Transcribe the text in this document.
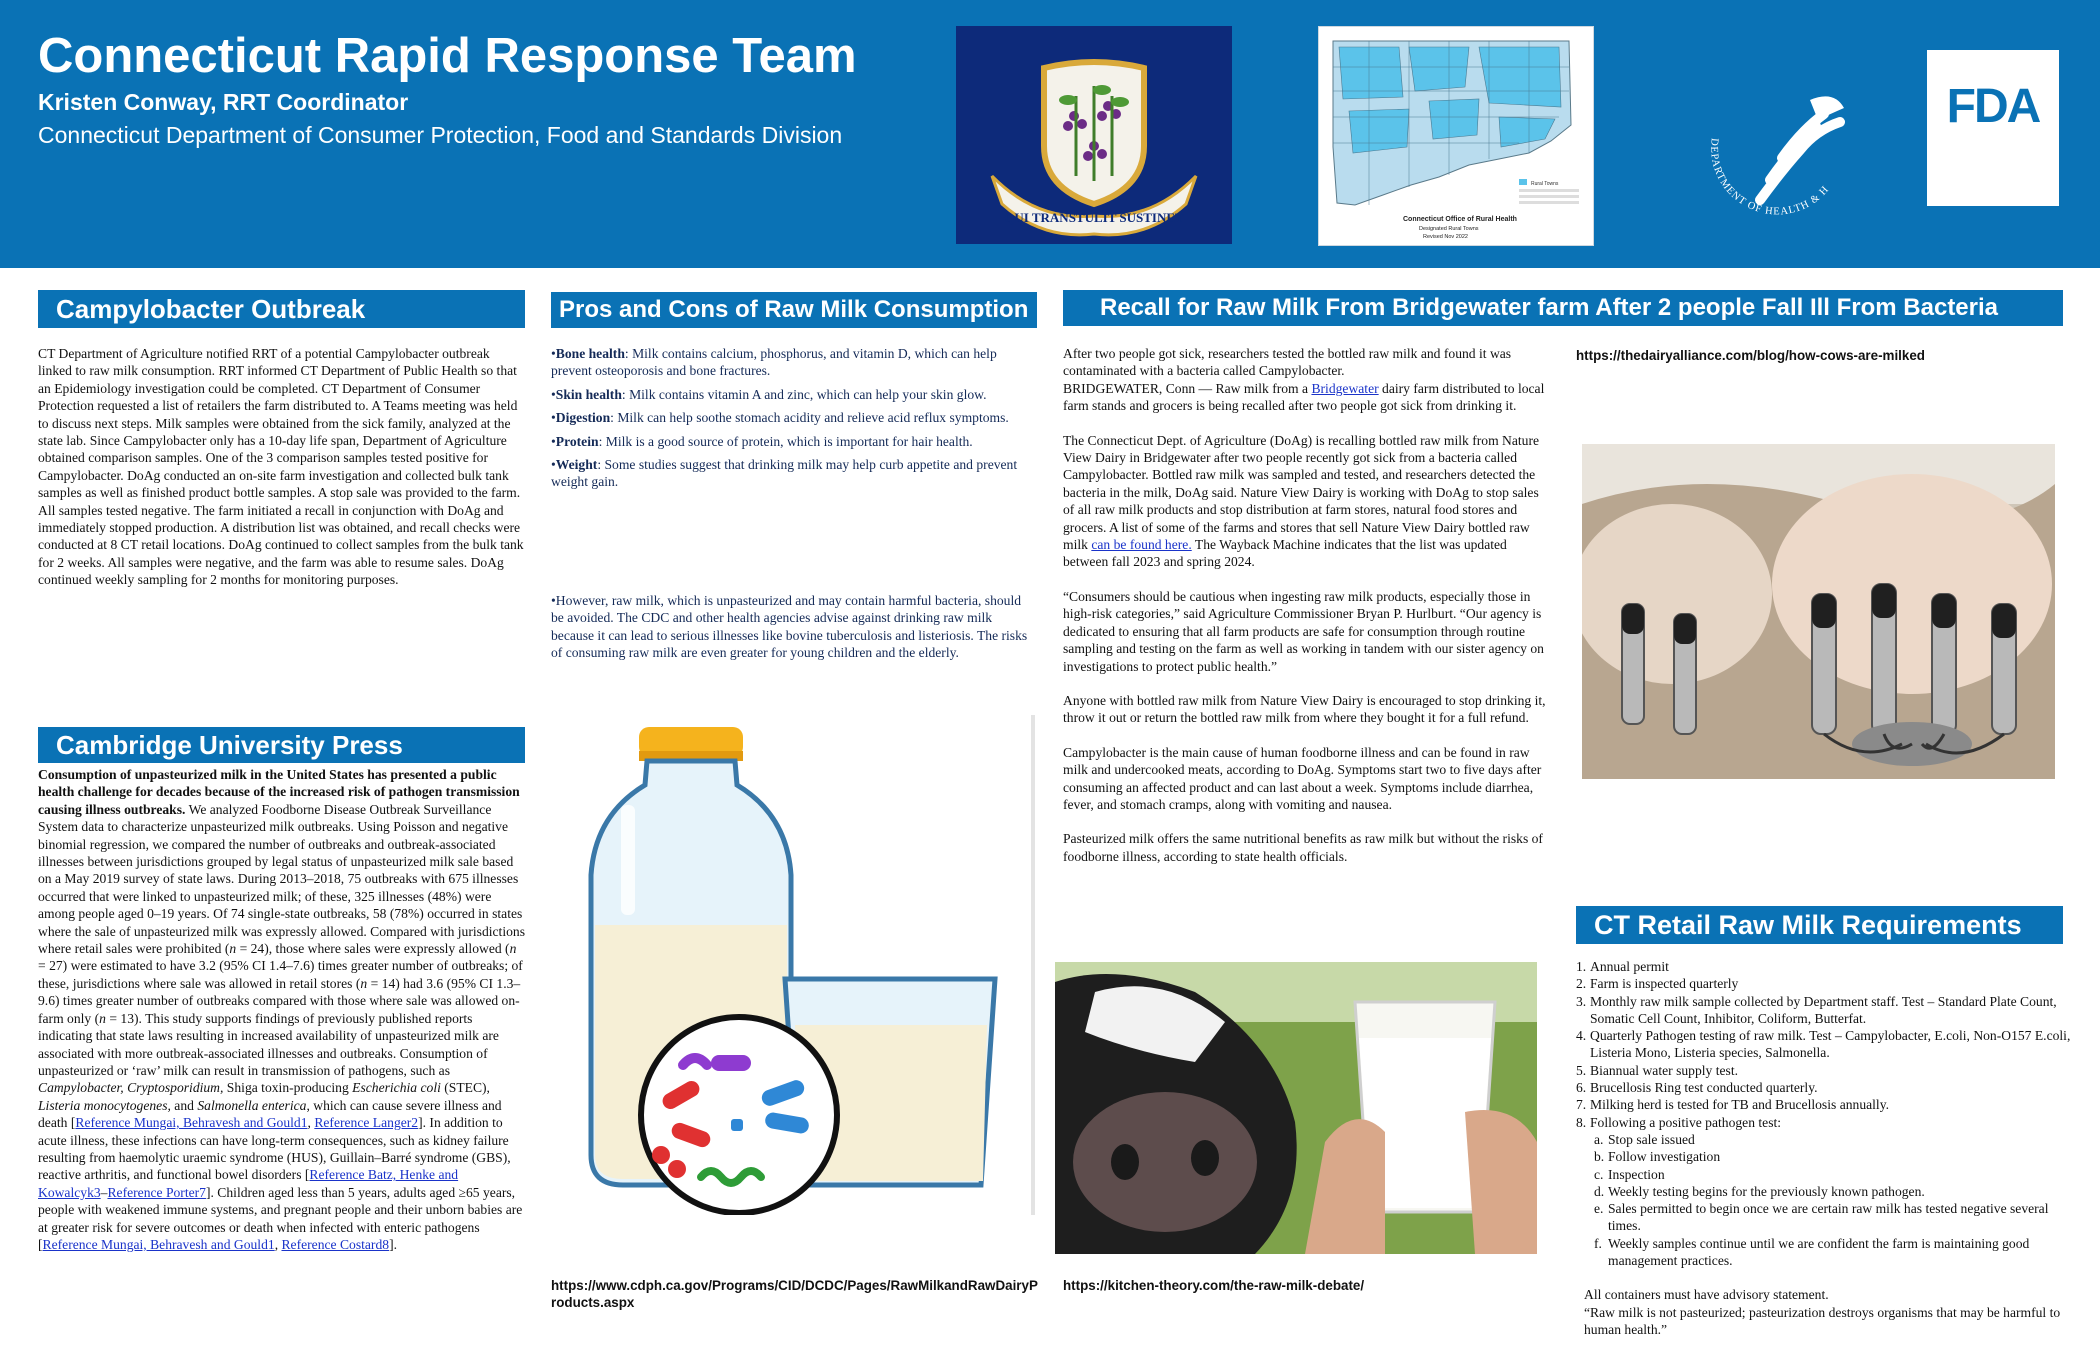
Connecticut Rapid Response Team
Kristen Conway, RRT Coordinator
Connecticut Department of Consumer Protection, Food and Standards Division
QUI TRANSTULIT SUSTINET
Rural Towns
Connecticut Office of Rural Health
Designated Rural Towns
Revised Nov 2022
DEPARTMENT OF HEALTH & H
FDA
Campylobacter Outbreak
CT Department of Agriculture notified RRT of a potential Campylobacter outbreak linked to raw milk consumption. RRT informed CT Department of Public Health so that an Epidemiology investigation could be completed. CT Department of Consumer Protection requested a list of retailers the farm distributed to. A Teams meeting was held to discuss next steps. Milk samples were obtained from the sick family, analyzed at the state lab. Since Campylobacter only has a 10-day life span, Department of Agriculture obtained comparison samples. One of the 3 comparison samples tested positive for Campylobacter. DoAg conducted an on-site farm investigation and collected bulk tank samples as well as finished product bottle samples. A stop sale was provided to the farm. All samples tested negative. The farm initiated a recall in conjunction with DoAg and immediately stopped production. A distribution list was obtained, and recall checks were conducted at 8 CT retail locations. DoAg continued to collect samples from the bulk tank for 2 weeks. All samples were negative, and the farm was able to resume sales. DoAg continued weekly sampling for 2 months for monitoring purposes.
Cambridge University Press
Consumption of unpasteurized milk in the United States has presented a public health challenge for decades because of the increased risk of pathogen transmission causing illness outbreaks. We analyzed Foodborne Disease Outbreak Surveillance System data to characterize unpasteurized milk outbreaks. Using Poisson and negative binomial regression, we compared the number of outbreaks and outbreak-associated illnesses between jurisdictions grouped by legal status of unpasteurized milk sale based on a May 2019 survey of state laws. During 2013–2018, 75 outbreaks with 675 illnesses occurred that were linked to unpasteurized milk; of these, 325 illnesses (48%) were among people aged 0–19 years. Of 74 single-state outbreaks, 58 (78%) occurred in states where the sale of unpasteurized milk was expressly allowed. Compared with jurisdictions where retail sales were prohibited (n = 24), those where sales were expressly allowed (n = 27) were estimated to have 3.2 (95% CI 1.4–7.6) times greater number of outbreaks; of these, jurisdictions where sale was allowed in retail stores (n = 14) had 3.6 (95% CI 1.3–9.6) times greater number of outbreaks compared with those where sale was allowed on-farm only (n = 13). This study supports findings of previously published reports indicating that state laws resulting in increased availability of unpasteurized milk are associated with more outbreak-associated illnesses and outbreaks. Consumption of unpasteurized or ‘raw’ milk can result in transmission of pathogens, such as Campylobacter, Cryptosporidium, Shiga toxin-producing Escherichia coli (STEC), Listeria monocytogenes, and Salmonella enterica, which can cause severe illness and death [Reference Mungai, Behravesh and Gould1, Reference Langer2]. In addition to acute illness, these infections can have long-term consequences, such as kidney failure resulting from haemolytic uraemic syndrome (HUS), Guillain–Barré syndrome (GBS), reactive arthritis, and functional bowel disorders [Reference Batz, Henke and Kowalcyk3–Reference Porter7]. Children aged less than 5 years, adults aged ≥65 years, people with weakened immune systems, and pregnant people and their unborn babies are at greater risk for severe outcomes or death when infected with enteric pathogens [Reference Mungai, Behravesh and Gould1, Reference Costard8].
Pros and Cons of Raw Milk Consumption

•Bone health: Milk contains calcium, phosphorus, and vitamin D, which can help prevent osteoporosis and bone fractures.

•Skin health: Milk contains vitamin A and zinc, which can help your skin glow.

•Digestion: Milk can help soothe stomach acidity and relieve acid reflux symptoms.

•Protein: Milk is a good source of protein, which is important for hair health.

•Weight: Some studies suggest that drinking milk may help curb appetite and prevent weight gain.

•However, raw milk, which is unpasteurized and may contain harmful bacteria, should be avoided. The CDC and other health agencies advise against drinking raw milk because it can lead to serious illnesses like bovine tuberculosis and listeriosis. The risks of consuming raw milk are even greater for young children and the elderly.
https://www.cdph.ca.gov/Programs/CID/DCDC/Pages/RawMilkandRawDairyProducts.aspx
Recall for Raw Milk From Bridgewater farm After 2 people Fall Ill From Bacteria

After two people got sick, researchers tested the bottled raw milk and found it was contaminated with a bacteria called Campylobacter.
BRIDGEWATER, Conn — Raw milk from a Bridgewater dairy farm distributed to local farm stands and grocers is being recalled after two people got sick from drinking it.

The Connecticut Dept. of Agriculture (DoAg) is recalling bottled raw milk from Nature View Dairy in Bridgewater after two people recently got sick from a bacteria called Campylobacter. Bottled raw milk was sampled and tested, and researchers detected the bacteria in the milk, DoAg said. Nature View Dairy is working with DoAg to stop sales of all raw milk products and stop distribution at farm stores, natural food stores and grocers. A list of some of the farms and stores that sell Nature View Dairy bottled raw milk can be found here. The Wayback Machine indicates that the list was updated between fall 2023 and spring 2024.

“Consumers should be cautious when ingesting raw milk products, especially those in high-risk categories,” said Agriculture Commissioner Bryan P. Hurlburt. “Our agency is dedicated to ensuring that all farm products are safe for consumption through routine sampling and testing on the farm as well as working in tandem with our sister agency on investigations to protect public health.”

Anyone with bottled raw milk from Nature View Dairy is encouraged to stop drinking it, throw it out or return the bottled raw milk from where they bought it for a full refund.

Campylobacter is the main cause of human foodborne illness and can be found in raw milk and undercooked meats, according to DoAg. Symptoms start two to five days after consuming an affected product and can last about a week. Symptoms include diarrhea, fever, and stomach cramps, along with vomiting and nausea.

Pasteurized milk offers the same nutritional benefits as raw milk but without the risks of foodborne illness, according to state health officials.

https://thedairyalliance.com/blog/how-cows-are-milked
https://kitchen-theory.com/the-raw-milk-debate/
CT Retail Raw Milk Requirements
1. Annual permit
2. Farm is inspected quarterly
3. Monthly raw milk sample collected by Department staff. Test – Standard Plate Count, Somatic Cell Count, Inhibitor, Coliform, Butterfat.
4. Quarterly Pathogen testing of raw milk. Test – Campylobacter, E.coli, Non-O157 E.coli, Listeria Mono, Listeria species, Salmonella.
5. Biannual water supply test.
6. Brucellosis Ring test conducted quarterly.
7. Milking herd is tested for TB and Brucellosis annually.
8. Following a positive pathogen test:
a. Stop sale issued
b. Follow investigation
c. Inspection
d. Weekly testing begins for the previously known pathogen.
e. Sales permitted to begin once we are certain raw milk has tested negative several times.
f. Weekly samples continue until we are confident the farm is maintaining good management practices.
All containers must have advisory statement.
“Raw milk is not pasteurized; pasteurization destroys organisms that may be harmful to human health.”
